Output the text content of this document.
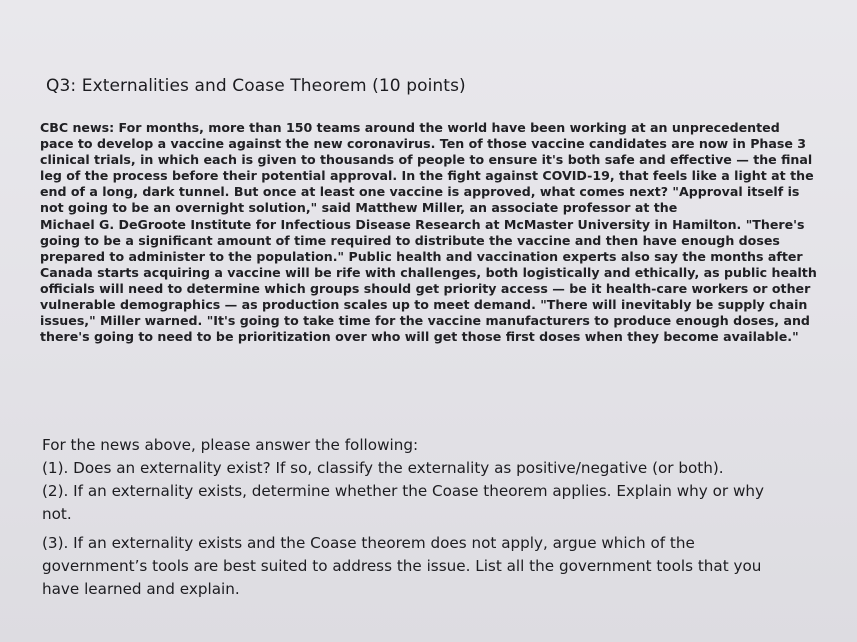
Q3: Externalities and Coase Theorem (10 points)
CBC news: For months, more than 150 teams around the world have been working at an unprecedented
pace to develop a vaccine against the new coronavirus. Ten of those vaccine candidates are now in Phase 3
clinical trials, in which each is given to thousands of people to ensure it's both safe and effective — the final
leg of the process before their potential approval. In the fight against COVID-19, that feels like a light at the
end of a long, dark tunnel. But once at least one vaccine is approved, what comes next? "Approval itself is
not going to be an overnight solution," said Matthew Miller, an associate professor at the
Michael G. DeGroote Institute for Infectious Disease Research at McMaster University in Hamilton. "There's
going to be a significant amount of time required to distribute the vaccine and then have enough doses
prepared to administer to the population." Public health and vaccination experts also say the months after
Canada starts acquiring a vaccine will be rife with challenges, both logistically and ethically, as public health
officials will need to determine which groups should get priority access — be it health-care workers or other
vulnerable demographics — as production scales up to meet demand. "There will inevitably be supply chain
issues," Miller warned. "It's going to take time for the vaccine manufacturers to produce enough doses, and
there's going to need to be prioritization over who will get those first doses when they become available."
For the news above, please answer the following:
(1). Does an externality exist? If so, classify the externality as positive/negative (or both).
(2). If an externality exists, determine whether the Coase theorem applies. Explain why or why
not.
(3). If an externality exists and the Coase theorem does not apply, argue which of the
government’s tools are best suited to address the issue. List all the government tools that you
have learned and explain.
